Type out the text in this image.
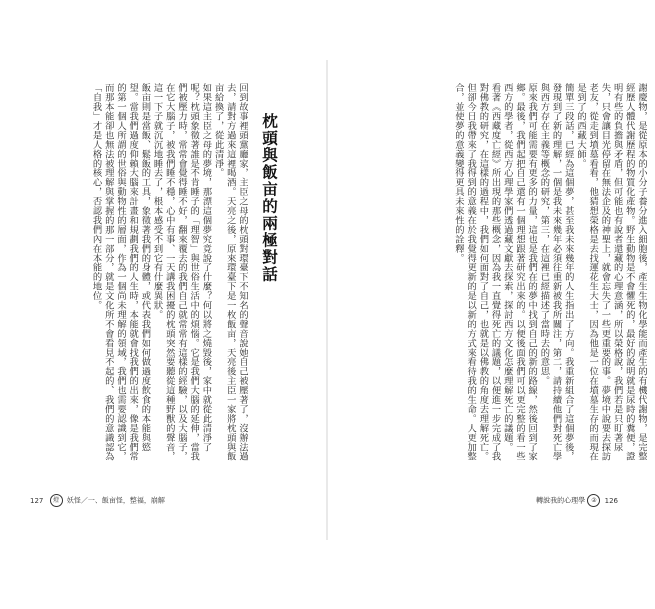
枕頭與飯亩的兩極對話

回到故事裡頭黨廳家，主臣之母的枕頭對環臺下不知名的聲音說她自己被壓著了，沒辦法過去，請對方過來這裡喝酒。天亮之後，原來環臺下是一枚飯亩，天亮後主臣一家將枕頭與飯亩給換了，從此清淨。

如果這主臣之母的夢境，那漂這個夢究竟說了什麼？何以將之燒毀後，家中就從此清淨了呢？枕頭象徵著誰是不肯睡子的「理智」與世俗生活中的煩惱。它是我們大腦的延伸，當我們被壓力時，常常會覺得睡不好，翻來覆去的我們自己就常常有這樣的經驗，以及大腦子，在它大腦子，被我們睡不穩，心中有事、一天講我困擾的枕頭突然要聽從這種野獸的聲音，這一下子就沉沉地睡去了，根本感受不到它有什麼異狀。

飯亩則是當飯、鬆飯的工具，象徵著我們的身體，或代表我們如何做過度飲食的本能與慾望。當我們過度仰賴大腦來計畫和規劃我們的人生時，本能就會找我們的出來，像是我們常的第一個人所謂的世俗與動物性的層面，作為一個尚未理解的領域，我們也需要認識到它，而那本能卻也無法被理解與掌握的那一部分，就是文化所不會看見不起的、我們的意識認為「自我」才是人格的核心，否認我們內在本能的地位。

127 燈 妖怪／一、飯亩怪，整福，崩解

謝慶物，是從原本的小分子養分進入細胞後，產生生物化學能而產生的有機代謝物，是完整經歷人體代謝歷程的物質化產物。野生動物是不會懼死的，最好的說明就是尿時的糞便，證明有些的負擔與矛盾，但可能也有說者還藏的心理意涵，所以榮格說，我們若是只盯著尿失，只會讓目光停留在無法企及的神聖上，就會忘失了一些更重要的事。夢境中說要去探訪老友，從走到墳墓看看，他猜想榮格是去找運花生大士，因為他是一位在墳墓生存的而現在是到了的西藏大師。

簡單三段話，已經為這個夢，甚至我未來幾年的人生指出了方向。我重新組合了這個夢後，發現到了新的理解，一個是我未來幾年必須往重新被我所關注，第二，請持續他們對死亡學與西方存在主義等概念的研究，第三，在這裡已經描述了當時去的意思。

原來我們可能需要有更多的力量，這也是我們在的夢中找到自己的新的路線，然後回到了家鄉。最後，我們起把自己還有一個理想跟著研究出來的。以便後面我們可以更完整的看一些西方的學者，從西方心理學家們透過藏文獻去探索，探討西方文化怎麼理解死亡的議題。

看著《西藏度亡經》所出現的那些概念，因為我一直覺得死亡的議題，以便進一步完成了我對佛教的研究，在這樣的過程中，我們如何面對了自己，也就是以佛教的角度去理解死亡。

但卻今日我帶來了我得到的意義在於我覺得更新的是以新的方式來看待我的生命。人更加整合，並使夢的意義變得更具未來性的詮釋。

轉說我的心理學 ② 126
